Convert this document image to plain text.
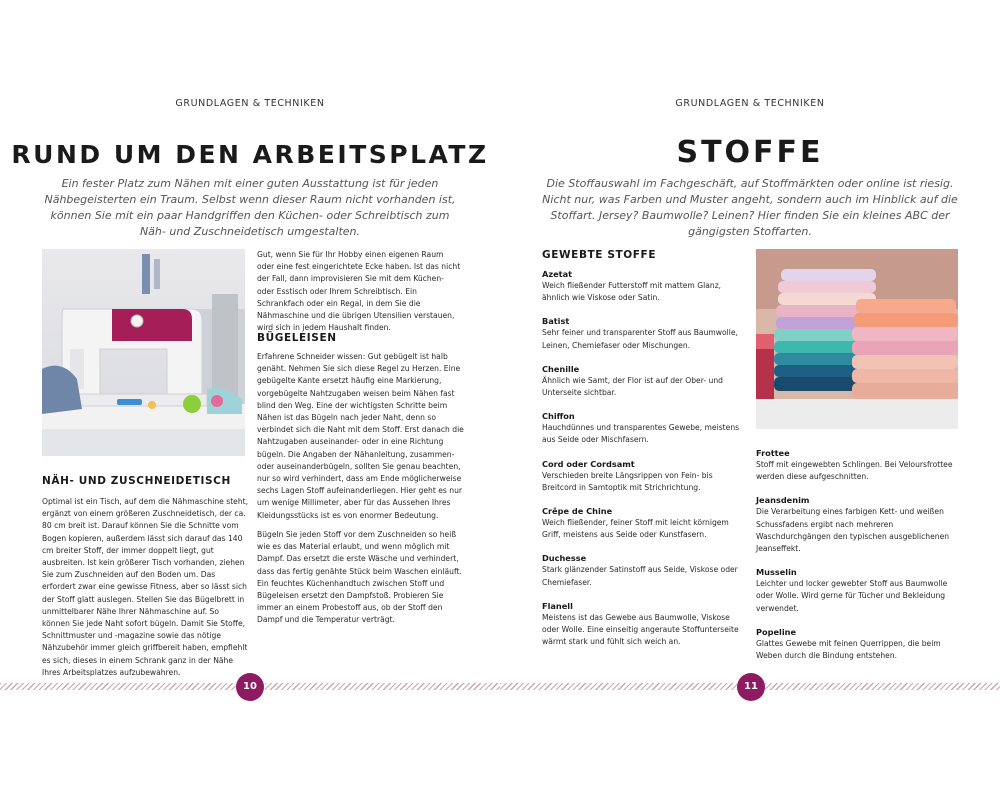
GRUNDLAGEN & TECHNIKEN
RUND UM DEN ARBEITSPLATZ
Ein fester Platz zum Nähen mit einer guten Ausstattung ist für jeden Nähbegeisterten ein Traum. Selbst wenn dieser Raum nicht vorhanden ist, können Sie mit ein paar Handgriffen den Küchen- oder Schreibtisch zum Näh- und Zuschneidetisch umgestalten.
NÄH- UND ZUSCHNEIDETISCH
Optimal ist ein Tisch, auf dem die Nähmaschine steht, ergänzt von einem größeren Zuschneidetisch, der ca. 80 cm breit ist. Darauf können Sie die Schnitte vom Bogen kopieren, außerdem lässt sich darauf das 140 cm breiter Stoff, der immer doppelt liegt, gut ausbreiten. Ist kein größerer Tisch vorhanden, ziehen Sie zum Zuschneiden auf den Boden um. Das erfordert zwar eine gewisse Fitness, aber so lässt sich der Stoff glatt auslegen. Stellen Sie das Bügelbrett in unmittelbarer Nähe Ihrer Nähmaschine auf. So können Sie jede Naht sofort bügeln. Damit Sie Stoffe, Schnittmuster und -magazine sowie das nötige Nähzubehör immer gleich griffbereit haben, empfiehlt es sich, dieses in einem Schrank ganz in der Nähe Ihres Arbeitsplatzes aufzubewahren.
Gut, wenn Sie für Ihr Hobby einen eigenen Raum oder eine fest eingerichtete Ecke haben. Ist das nicht der Fall, dann improvisieren Sie mit dem Küchen- oder Esstisch oder Ihrem Schreibtisch. Ein Schrankfach oder ein Regal, in dem Sie die Nähmaschine und die übrigen Utensilien verstauen, wird sich in jedem Haushalt finden.
BÜGELEISEN
Erfahrene Schneider wissen: Gut gebügelt ist halb genäht. Nehmen Sie sich diese Regel zu Herzen. Eine gebügelte Kante ersetzt häufig eine Markierung, vorgebügelte Nahtzugaben weisen beim Nähen fast blind den Weg. Eine der wichtigsten Schritte beim Nähen ist das Bügeln nach jeder Naht, denn so verbindet sich die Naht mit dem Stoff. Erst danach die Nahtzugaben auseinander- oder in eine Richtung bügeln. Die Angaben der Nähanleitung, zusammen- oder auseinanderbügeln, sollten Sie genau beachten, nur so wird verhindert, dass am Ende möglicherweise sechs Lagen Stoff aufeinanderliegen. Hier geht es nur um wenige Millimeter, aber für das Aussehen Ihres Kleidungsstücks ist es von enormer Bedeutung.
Bügeln Sie jeden Stoff vor dem Zuschneiden so heiß wie es das Material erlaubt, und wenn möglich mit Dampf. Das ersetzt die erste Wäsche und verhindert, dass das fertig genähte Stück beim Waschen einläuft. Ein feuchtes Küchenhandtuch zwischen Stoff und Bügeleisen ersetzt den Dampfstoß. Probieren Sie immer an einem Probestoff aus, ob der Stoff den Dampf und die Temperatur verträgt.
10
GRUNDLAGEN & TECHNIKEN
STOFFE
Die Stoffauswahl im Fachgeschäft, auf Stoffmärkten oder online ist riesig. Nicht nur, was Farben und Muster angeht, sondern auch im Hinblick auf die Stoffart. Jersey? Baumwolle? Leinen? Hier finden Sie ein kleines ABC der gängigsten Stoffarten.
GEWEBTE STOFFE
Azetat
Weich fließender Futterstoff mit mattem Glanz, ähnlich wie Viskose oder Satin.
Batist
Sehr feiner und transparenter Stoff aus Baumwolle, Leinen, Chemiefaser oder Mischungen.
Chenille
Ähnlich wie Samt, der Flor ist auf der Ober- und Unterseite sichtbar.
Chiffon
Hauchdünnes und transparentes Gewebe, meistens aus Seide oder Mischfasern.
Cord oder Cordsamt
Verschieden breite Längsrippen von Fein- bis Breitcord in Samtoptik mit Strichrichtung.
Crêpe de Chine
Weich fließender, feiner Stoff mit leicht körnigem Griff, meistens aus Seide oder Kunstfasern.
Duchesse
Stark glänzender Satinstoff aus Seide, Viskose oder Chemiefaser.
Flanell
Meistens ist das Gewebe aus Baumwolle, Viskose oder Wolle. Eine einseitig angeraute Stoffunterseite wärmt stark und fühlt sich weich an.
Frottee
Stoff mit eingewebten Schlingen. Bei Veloursfrottee werden diese aufgeschnitten.
Jeansdenim
Die Verarbeitung eines farbigen Kett- und weißen Schussfadens ergibt nach mehreren Waschdurchgängen den typischen ausgeblichenen Jeanseffekt.
Musselin
Leichter und locker gewebter Stoff aus Baumwolle oder Wolle. Wird gerne für Tücher und Bekleidung verwendet.
Popeline
Glattes Gewebe mit feinen Querrippen, die beim Weben durch die Bindung entstehen.
11
